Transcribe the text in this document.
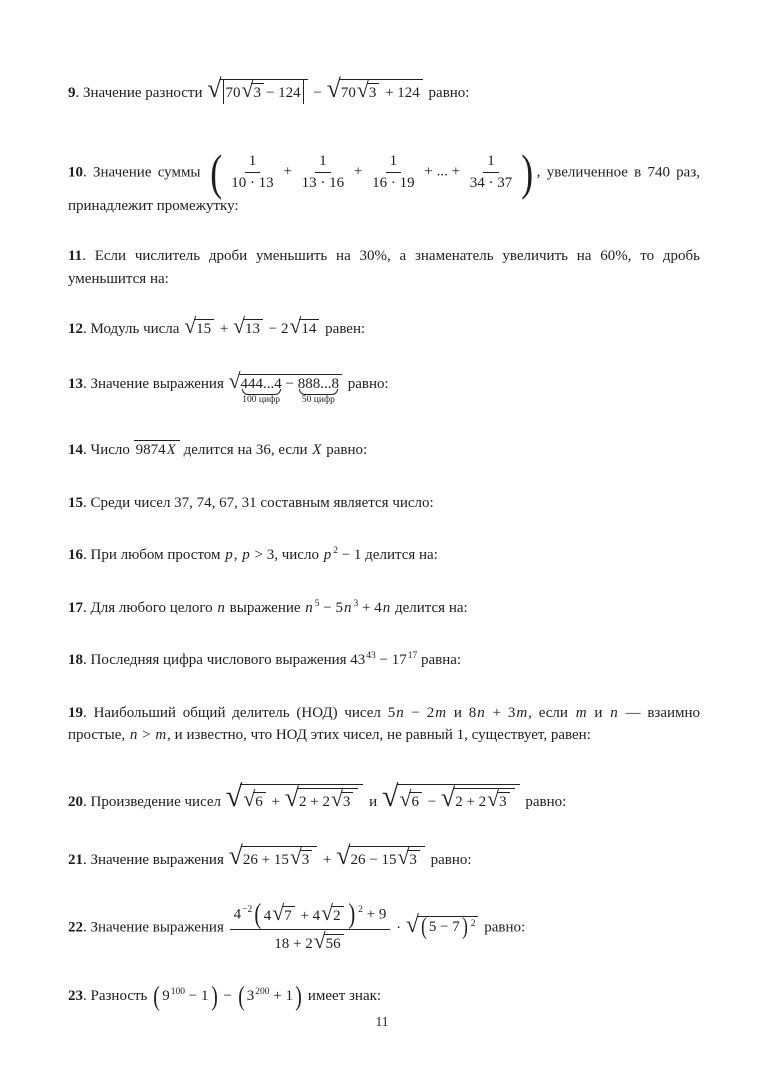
9. Значение разности √ 70 √ 3 − 124 − √ 70 √ 3 + 124 равно:
10. Значение суммы ( $\frac{1}{10 \cdot 13} + \frac{1}{13 \cdot 16} + \frac{1}{16 \cdot 19}$ + ... + $\frac{1}{34 \cdot 37}$ ) , увеличенное в 740 раз, принадлежит промежутку:
11. Если числитель дроби уменьшить на 30%, а знаменатель увеличить на 60%, то дробь уменьшится на:
12. Модуль числа √ 15 + √ 13 − 2 √ 14 равен:
13. Значение выражения √ 444...4
100 цифр
− 888...8
50 цифр
равно:
14. Число 9874X делится на 36, если X равно:
15. Среди чисел 37, 74, 67, 31 составным является число:
16. При любом простом p, p > 3, число p $^2$ − 1 делится на:
17. Для любого целого n выражение n $^5$ − 5n $^3$ + 4n делится на:
18. Последняя цифра числового выражения $43^{43} - 17^{17}$ равна:
19. Наибольший общий делитель (НОД) чисел 5n − 2m и 8n + 3m, если m и n — взаимно простые, n > m, и известно, что НОД этих чисел, не равный 1, существует, равен:
20. Произведение чисел √ √ 6 + √ 2 + 2 √ 3 и √ √ 6 − √ 2 + 2 √ 3 равно:
21. Значение выражения √ 26 + 15 √ 3 + √ 26 − 15 √ 3 равно:
22. Значение выражения $\frac{4^{-2} ( 4 √ 7 + 4 √ 2 ) ^2 + 9}{18 + 2 √ 56}$ · √ ( 5 − 7 ) $^2$ равно:
23. Разность ( $9^{100} - 1$ ) − ( $3^{200} + 1$ ) имеет знак:
11
